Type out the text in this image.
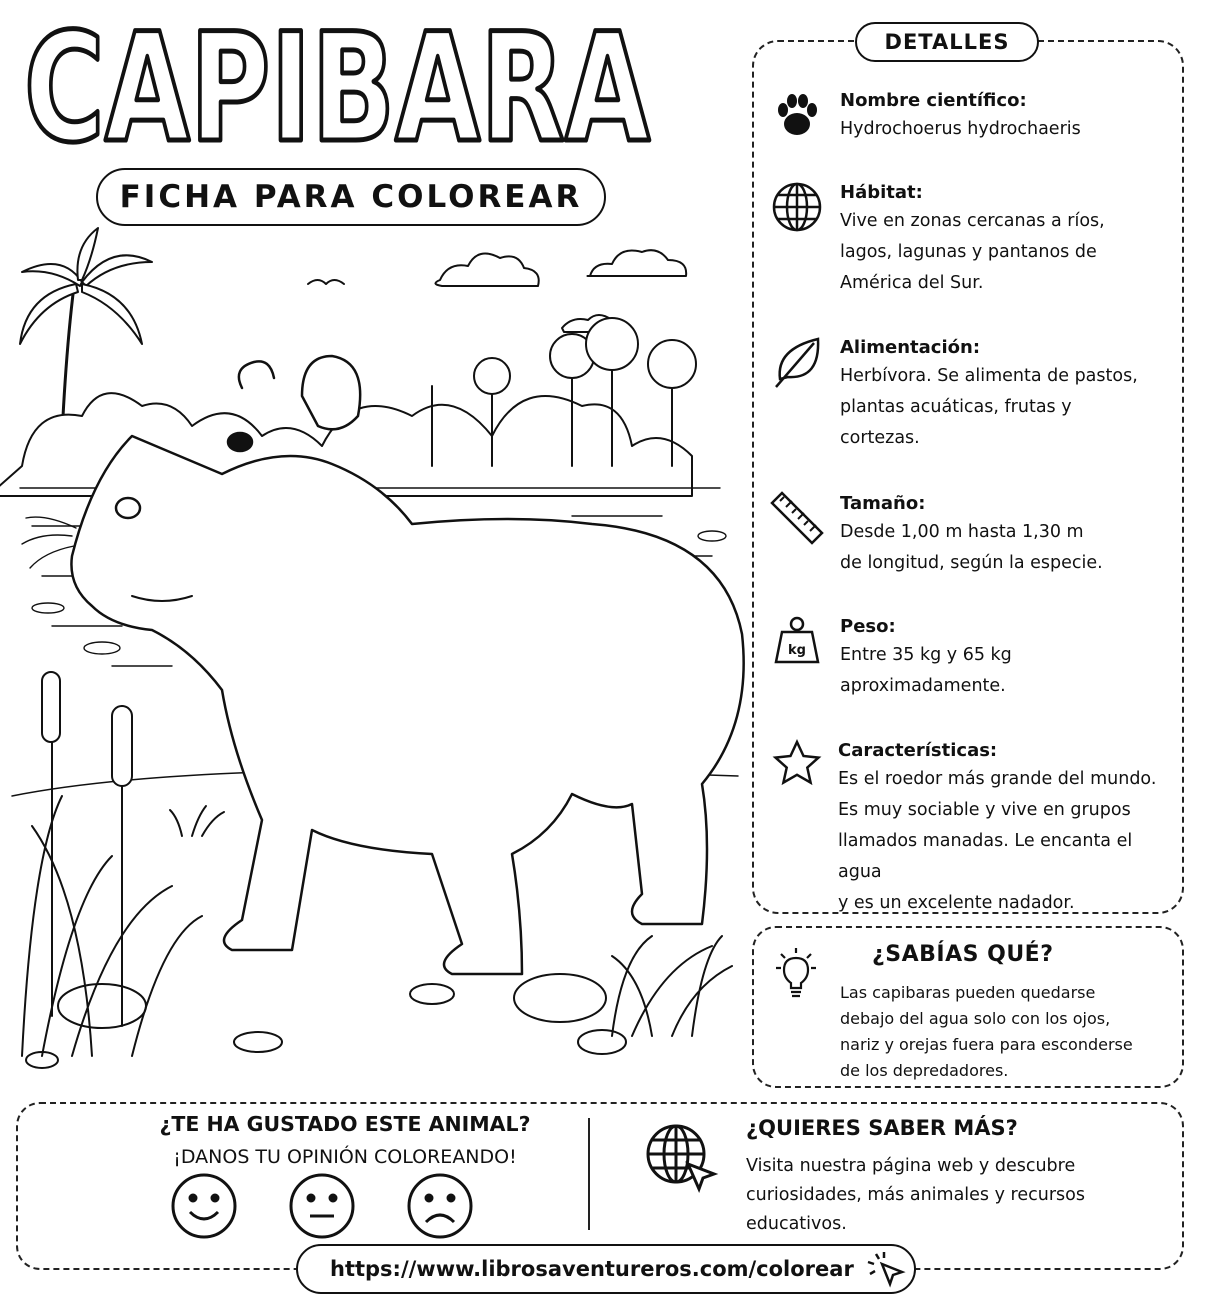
CAPIBARA
FICHA PARA COLOREAR
DETALLES
Nombre científico:
Hydrochoerus hydrochaeris
Hábitat:
Vive en zonas cercanas a ríos,
lagos, lagunas y pantanos de
América del Sur.
Alimentación:
Herbívora. Se alimenta de pastos,
plantas acuáticas, frutas y
cortezas.
Tamaño:
Desde 1,00 m hasta 1,30 m
de longitud, según la especie.
kg
Peso:
Entre 35 kg y 65 kg
aproximadamente.
Características:
Es el roedor más grande del mundo.
Es muy sociable y vive en grupos
llamados manadas. Le encanta el agua
y es un excelente nadador.
¿SABÍAS QUÉ?
Las capibaras pueden quedarse
debajo del agua solo con los ojos,
nariz y orejas fuera para esconderse
de los depredadores.
¿TE HA GUSTADO ESTE ANIMAL?
¡DANOS TU OPINIÓN COLOREANDO!
¿QUIERES SABER MÁS?
Visita nuestra página web y descubre
curiosidades, más animales y recursos
educativos.
https://www.librosaventureros.com/colorear
